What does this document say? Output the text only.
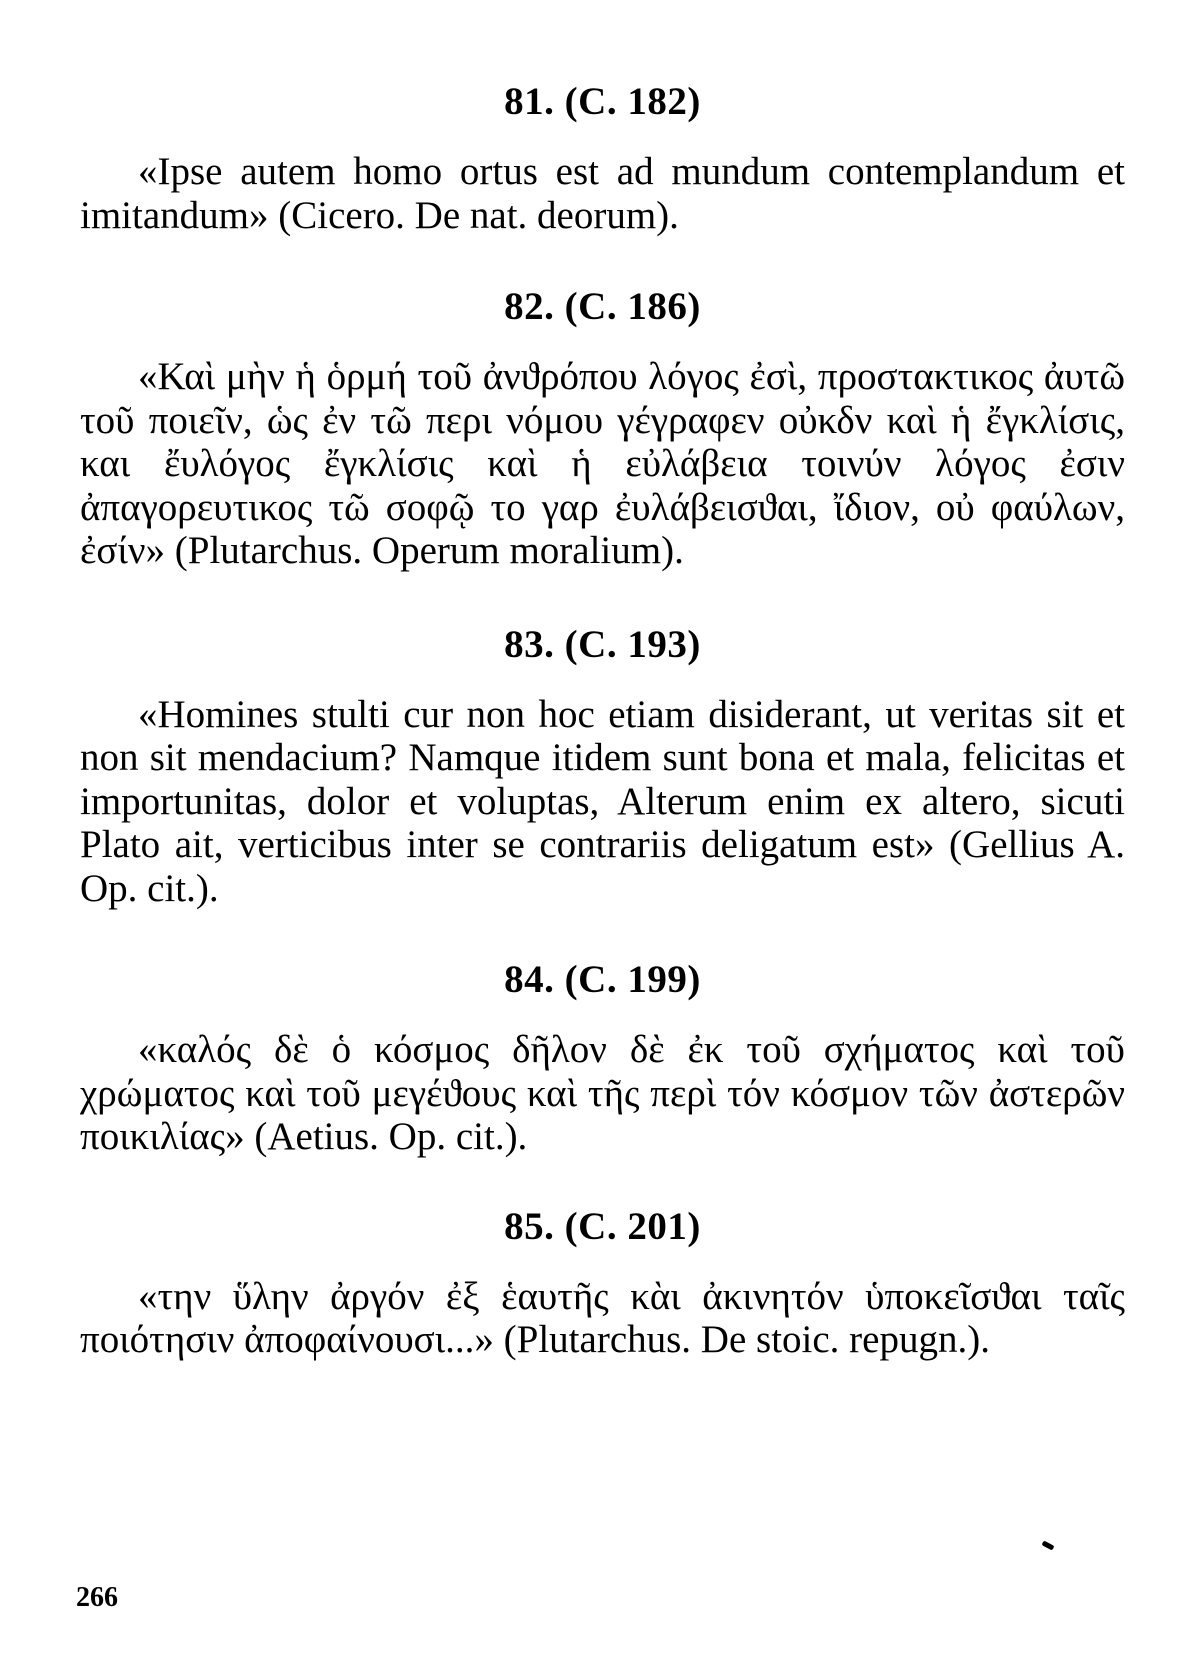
81. (C. 182)

«Ipse autem homo ortus est ad mundum contemplandum et imitandum» (Cicero. De nat. deorum).

82. (C. 186)

«Καὶ μὴν ἡ ὁρμή τοῦ ἀνϑρόπου λόγος ἐσὶ, προστακτικος ἀυτῶ τοῦ ποιεῖν, ὡς ἐν τῶ περι νόμου γέγραφεν οὐκδν καὶ ἡ ἔγκλίσις, και ἔυλόγος ἔγκλίσις καὶ ἡ εὐλάβεια τοινύν λόγος ἐσιν ἀπαγορευτικος τῶ σοφῷ το γαρ ἐυλάβεισϑαι, ἴδιον, οὐ φαύλων, ἐσίν» (Plutarchus. Operum moralium).

83. (C. 193)

«Homines stulti cur non hoc etiam disiderant, ut veritas sit et non sit mendacium? Namque itidem sunt bona et mala, felicitas et importunitas, dolor et voluptas, Alterum enim ex altero, sicuti Plato ait, verticibus inter se contrariis deligatum est» (Gellius A. Op. cit.).

84. (C. 199)

«καλός δὲ ὁ κόσμος δῆλον δὲ ἐκ τοῦ σχήματος καὶ τοῦ χρώματος καὶ τοῦ μεγέϑους καὶ τῆς περὶ τόν κόσμον τῶν ἀστερῶν ποικιλίας» (Aetius. Op. cit.).

85. (C. 201)

«την ὕλην ἀργόν ἐξ ἑαυτῆς κὰι ἀκινητόν ὑποκεῖσϑαι ταῖς ποιότησιν ἀποφαίνουσι...» (Plutarchus. De stoic. repugn.).

266
